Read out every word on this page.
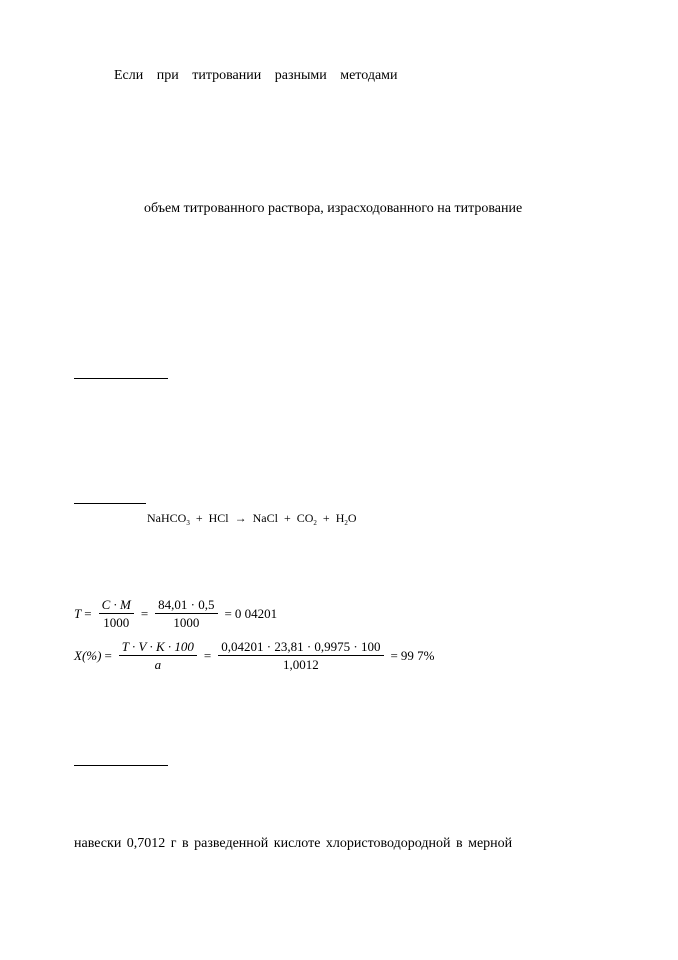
Если при титровании разными методами
объем титрованного раствора, израсходованного на титрование
NaHCO$_3$ + HCl → NaCl + $CO_2 + H_2O$
$T = \frac{C \cdot M}{1000} = \frac{84,01 \cdot 0,5}{1000} = 0$ 04201
$X(\%) = \frac{T \cdot V \cdot K \cdot 100}{a} = \frac{0,04201 \cdot 23,81 \cdot 0,9975 \cdot 100}{1,0012} = 99$ 7%
навески 0,7012 г в разведенной кислоте хлористоводородной в мерной
